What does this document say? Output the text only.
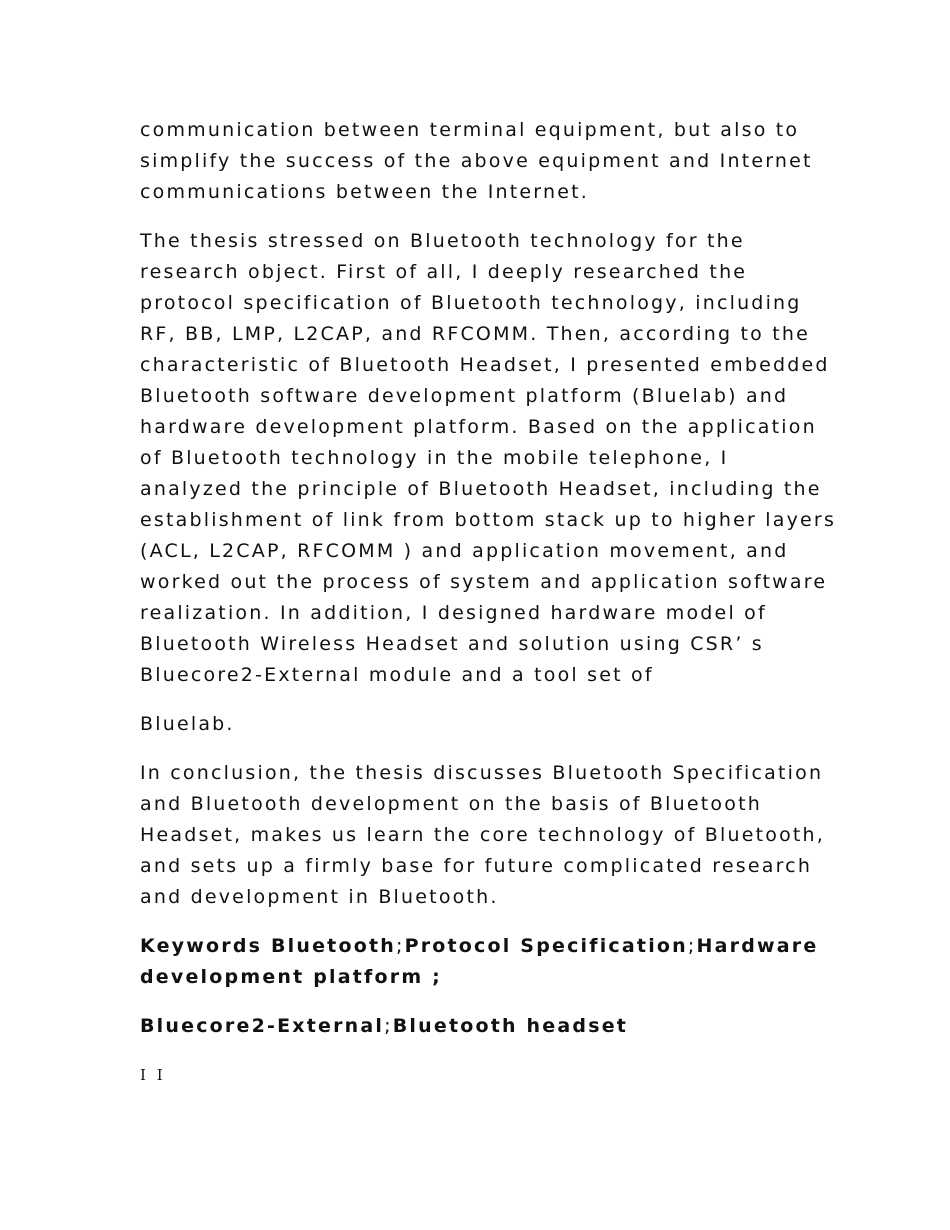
communication between terminal equipment, but also to
simplify the success of the above equipment and Internet
communications between the Internet.

The thesis stressed on Bluetooth technology for the
research object. First of all, I deeply researched the
protocol specification of Bluetooth technology, including
RF, BB, LMP, L2CAP, and RFCOMM. Then, according to the
characteristic of Bluetooth Headset, I presented embedded
Bluetooth software development platform (Bluelab) and
hardware development platform. Based on the application
of Bluetooth technology in the mobile telephone, I
analyzed the principle of Bluetooth Headset, including the
establishment of link from bottom stack up to higher layers
(ACL, L2CAP, RFCOMM ) and application movement, and
worked out the process of system and application software
realization. In addition, I designed hardware model of
Bluetooth Wireless Headset and solution using CSR’ s
Bluecore2-External module and a tool set of

Bluelab.

In conclusion, the thesis discusses Bluetooth Specification
and Bluetooth development on the basis of Bluetooth
Headset, makes us learn the core technology of Bluetooth,
and sets up a firmly base for future complicated research
and development in Bluetooth.

Keywords Bluetooth;Protocol Specification;Hardware
development platform ;

Bluecore2-External;Bluetooth headset

I I
